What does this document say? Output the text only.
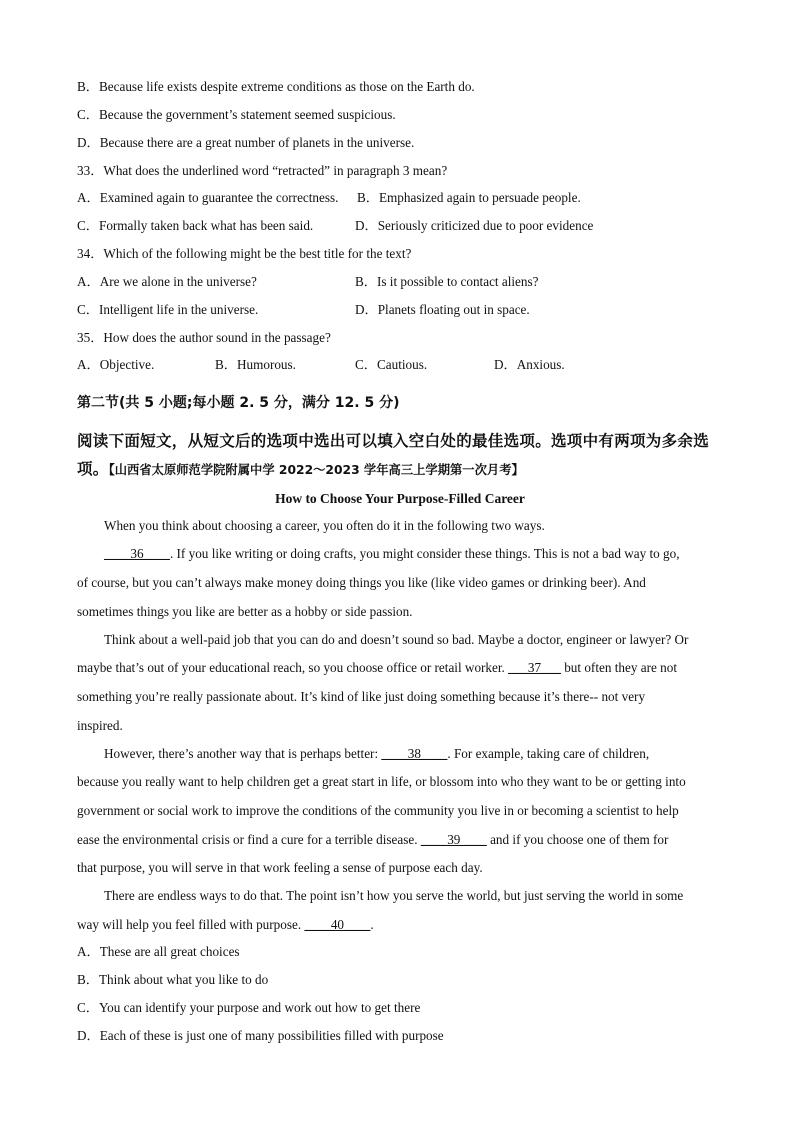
B．Because life exists despite extreme conditions as those on the Earth do.
C．Because the government’s statement seemed suspicious.
D．Because there are a great number of planets in the universe.
33．What does the underlined word “retracted” in paragraph 3 mean?
A．Examined again to guarantee the correctness. B．Emphasized again to persuade people.
C．Formally taken back what has been said.	D．Seriously criticized due to poor evidence
34．Which of the following might be the best title for the text?
A．Are we alone in the universe?	B．Is it possible to contact aliens?
C．Intelligent life in the universe.	D．Planets floating out in space.
35．How does the author sound in the passage?
A．Objective.	B．Humorous.	C．Cautious.	D．Anxious.
第二节(共 5 小题;每小题 2. 5 分，满分 12. 5 分)
阅读下面短文，从短文后的选项中选出可以填入空白处的最佳选项。选项中有两项为多余选
项。【山西省太原师范学院附属中学 2022～2023 学年高三上学期第一次月考】
How to Choose Your Purpose-Filled Career
When you think about choosing a career, you often do it in the following two ways.
____36____. If you like writing or doing crafts, you might consider these things. This is not a bad way to go,
of course, but you can’t always make money doing things you like (like video games or drinking beer). And
sometimes things you like are better as a hobby or side passion.
Think about a well-paid job that you can do and doesn’t sound so bad. Maybe a doctor, engineer or lawyer? Or
maybe that’s out of your educational reach, so you choose office or retail worker. ___37___ but often they are not
something you’re really passionate about. It’s kind of like just doing something because it’s there-- not very
inspired.
However, there’s another way that is perhaps better: ____38____. For example, taking care of children,
because you really want to help children get a great start in life, or blossom into who they want to be or getting into
government or social work to improve the conditions of the community you live in or becoming a scientist to help
ease the environmental crisis or find a cure for a terrible disease. ____39____ and if you choose one of them for
that purpose, you will serve in that work feeling a sense of purpose each day.
There are endless ways to do that. The point isn’t how you serve the world, but just serving the world in some
way will help you feel filled with purpose. ____40____.
A．These are all great choices
B．Think about what you like to do
C．You can identify your purpose and work out how to get there
D．Each of these is just one of many possibilities filled with purpose
